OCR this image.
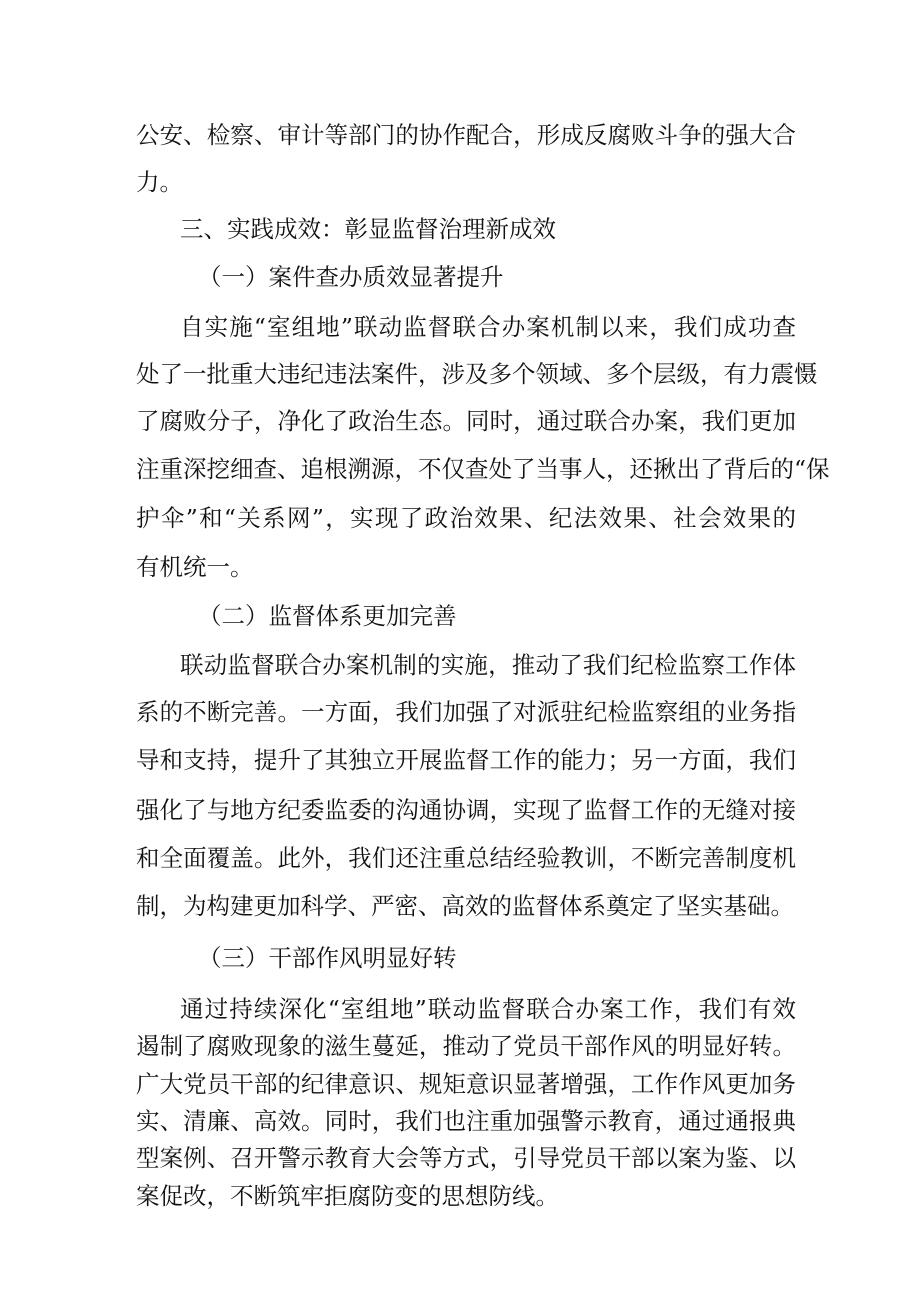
公安、检察、审计等部门的协作配合，形成反腐败斗争的强大合
力。
三、实践成效：彰显监督治理新成效
（一）案件查办质效显著提升
自实施“室组地”联动监督联合办案机制以来，我们成功查
处了一批重大违纪违法案件，涉及多个领域、多个层级，有力震慑
了腐败分子，净化了政治生态。同时，通过联合办案，我们更加
注重深挖细查、追根溯源，不仅查处了当事人，还揪出了背后的“保
护伞”和“关系网”，实现了政治效果、纪法效果、社会效果的
有机统一。
（二）监督体系更加完善
联动监督联合办案机制的实施，推动了我们纪检监察工作体
系的不断完善。一方面，我们加强了对派驻纪检监察组的业务指
导和支持，提升了其独立开展监督工作的能力；另一方面，我们
强化了与地方纪委监委的沟通协调，实现了监督工作的无缝对接
和全面覆盖。此外，我们还注重总结经验教训，不断完善制度机
制，为构建更加科学、严密、高效的监督体系奠定了坚实基础。
（三）干部作风明显好转
通过持续深化“室组地”联动监督联合办案工作，我们有效
遏制了腐败现象的滋生蔓延，推动了党员干部作风的明显好转。
广大党员干部的纪律意识、规矩意识显著增强，工作作风更加务
实、清廉、高效。同时，我们也注重加强警示教育，通过通报典
型案例、召开警示教育大会等方式，引导党员干部以案为鉴、以
案促改，不断筑牢拒腐防变的思想防线。
